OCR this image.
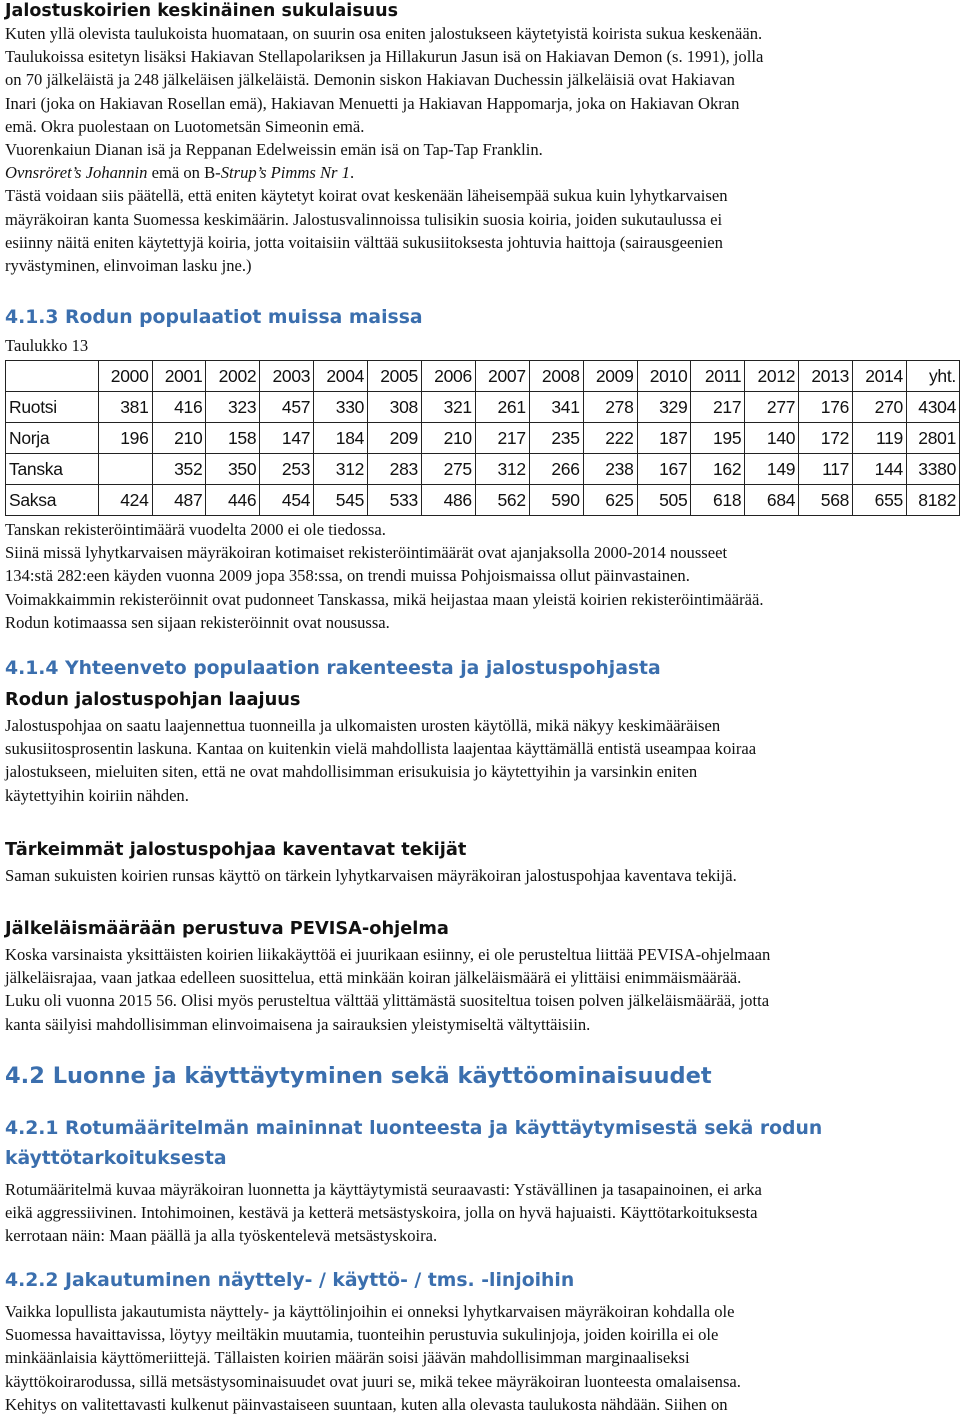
Jalostuskoirien keskinäinen sukulaisuus
Kuten yllä olevista taulukoista huomataan, on suurin osa eniten jalostukseen käytetyistä koirista sukua keskenään.
Taulukoissa esitetyn lisäksi Hakiavan Stellapolariksen ja Hillakurun Jasun isä on Hakiavan Demon (s. 1991), jolla
on 70 jälkeläistä ja 248 jälkeläisen jälkeläistä. Demonin siskon Hakiavan Duchessin jälkeläisiä ovat Hakiavan
Inari (joka on Hakiavan Rosellan emä), Hakiavan Menuetti ja Hakiavan Happomarja, joka on Hakiavan Okran
emä. Okra puolestaan on Luotometsän Simeonin emä.
Vuorenkaiun Dianan isä ja Reppanan Edelweissin emän isä on Tap-Tap Franklin.
Ovnsröret’s Johannin emä on B-Strup’s Pimms Nr 1.
Tästä voidaan siis päätellä, että eniten käytetyt koirat ovat keskenään läheisempää sukua kuin lyhytkarvaisen
mäyräkoiran kanta Suomessa keskimäärin. Jalostusvalinnoissa tulisikin suosia koiria, joiden sukutaulussa ei
esiinny näitä eniten käytettyjä koiria, jotta voitaisiin välttää sukusiitoksesta johtuvia haittoja (sairausgeenien
ryvästyminen, elinvoiman lasku jne.)
4.1.3 Rodun populaatiot muissa maissa
Taulukko 13
	2000	2001	2002	2003	2004	2005	2006	2007	2008	2009	2010	2011	2012	2013	2014	yht.
Ruotsi	381	416	323	457	330	308	321	261	341	278	329	217	277	176	270	4304
Norja	196	210	158	147	184	209	210	217	235	222	187	195	140	172	119	2801
Tanska		352	350	253	312	283	275	312	266	238	167	162	149	117	144	3380
Saksa	424	487	446	454	545	533	486	562	590	625	505	618	684	568	655	8182
Tanskan rekisteröintimäärä vuodelta 2000 ei ole tiedossa.
Siinä missä lyhytkarvaisen mäyräkoiran kotimaiset rekisteröintimäärät ovat ajanjaksolla 2000-2014 nousseet
134:stä 282:een käyden vuonna 2009 jopa 358:ssa, on trendi muissa Pohjoismaissa ollut päinvastainen.
Voimakkaimmin rekisteröinnit ovat pudonneet Tanskassa, mikä heijastaa maan yleistä koirien rekisteröintimäärää.
Rodun kotimaassa sen sijaan rekisteröinnit ovat nousussa.
4.1.4 Yhteenveto populaation rakenteesta ja jalostuspohjasta
Rodun jalostuspohjan laajuus
Jalostuspohjaa on saatu laajennettua tuonneilla ja ulkomaisten urosten käytöllä, mikä näkyy keskimääräisen
sukusiitosprosentin laskuna. Kantaa on kuitenkin vielä mahdollista laajentaa käyttämällä entistä useampaa koiraa
jalostukseen, mieluiten siten, että ne ovat mahdollisimman erisukuisia jo käytettyihin ja varsinkin eniten
käytettyihin koiriin nähden.
Tärkeimmät jalostuspohjaa kaventavat tekijät
Saman sukuisten koirien runsas käyttö on tärkein lyhytkarvaisen mäyräkoiran jalostuspohjaa kaventava tekijä.
Jälkeläismäärään perustuva PEVISA-ohjelma
Koska varsinaista yksittäisten koirien liikakäyttöä ei juurikaan esiinny, ei ole perusteltua liittää PEVISA-ohjelmaan
jälkeläisrajaa, vaan jatkaa edelleen suosittelua, että minkään koiran jälkeläismäärä ei ylittäisi enimmäismäärää.
Luku oli vuonna 2015 56. Olisi myös perusteltua välttää ylittämästä suositeltua toisen polven jälkeläismäärää, jotta
kanta säilyisi mahdollisimman elinvoimaisena ja sairauksien yleistymiseltä vältyttäisiin.
4.2 Luonne ja käyttäytyminen sekä käyttöominaisuudet
4.2.1 Rotumääritelmän maininnat luonteesta ja käyttäytymisestä sekä rodun
käyttötarkoituksesta
Rotumääritelmä kuvaa mäyräkoiran luonnetta ja käyttäytymistä seuraavasti: Ystävällinen ja tasapainoinen, ei arka
eikä aggressiivinen. Intohimoinen, kestävä ja ketterä metsästyskoira, jolla on hyvä hajuaisti. Käyttötarkoituksesta
kerrotaan näin: Maan päällä ja alla työskentelevä metsästyskoira.
4.2.2 Jakautuminen näyttely- / käyttö- / tms. -linjoihin
Vaikka lopullista jakautumista näyttely- ja käyttölinjoihin ei onneksi lyhytkarvaisen mäyräkoiran kohdalla ole
Suomessa havaittavissa, löytyy meiltäkin muutamia, tuonteihin perustuvia sukulinjoja, joiden koirilla ei ole
minkäänlaisia käyttömeriittejä. Tällaisten koirien määrän soisi jäävän mahdollisimman marginaaliseksi
käyttökoirarodussa, sillä metsästysominaisuudet ovat juuri se, mikä tekee mäyräkoiran luonteesta omalaisensa.
Kehitys on valitettavasti kulkenut päinvastaiseen suuntaan, kuten alla olevasta taulukosta nähdään. Siihen on
